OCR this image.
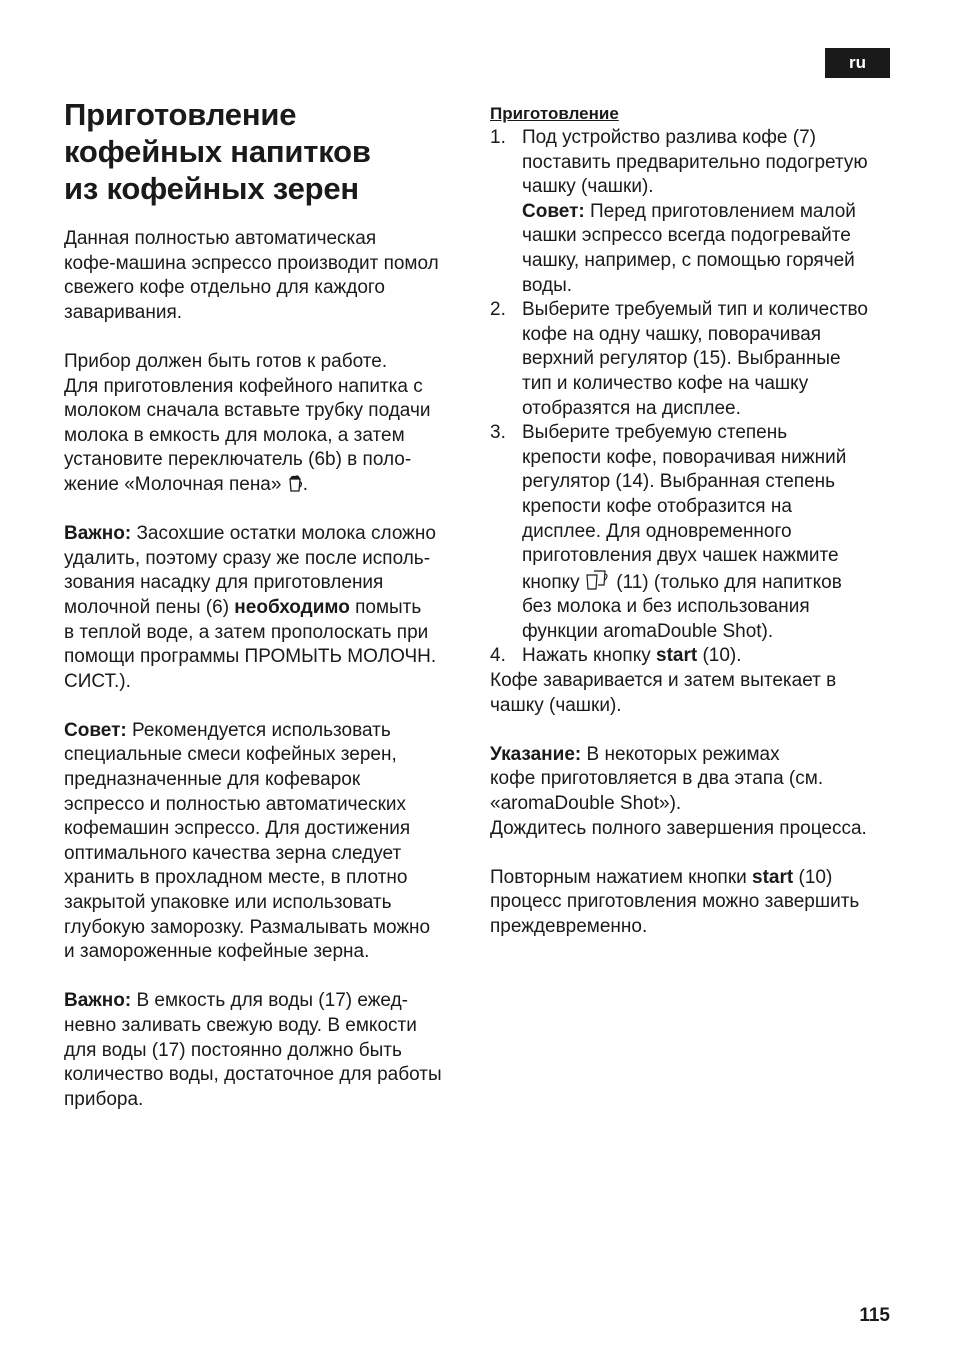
ru
Приготовление
кофейных напитков
из кофейных зерен

Данная полностью автоматическая
кофе-машина эспрессо производит помол
свежего кофе отдельно для каждого
заваривания.

Прибор должен быть готов к работе.
Для приготовления кофейного напитка с
молоком сначала вставьте трубку подачи
молока в емкость для молока, а затем
установите переключатель (6b) в поло-
жение «Молочная пена» .

Важно: Засохшие остатки молока сложно
удалить, поэтому сразу же после исполь-
зования насадку для приготовления
молочной пены (6) необходимо помыть
в теплой воде, а затем прополоскать при
помощи программы ПРОМЫТЬ МОЛОЧН.
СИСТ.).

Совет: Рекомендуется использовать
специальные смеси кофейных зерен,
предназначенные для кофеварок
эспрессо и полностью автоматических
кофемашин эспрессо. Для достижения
оптимального качества зерна следует
хранить в прохладном месте, в плотно
закрытой упаковке или использовать
глубокую заморозку. Размалывать можно
и замороженные кофейные зерна.

Важно: В емкость для воды (17) ежед-
невно заливать свежую воду. В емкости
для воды (17) постоянно должно быть
количество воды, достаточное для работы
прибора.

Приготовление
1. Под устройство разлива кофе (7)
поставить предварительно подогретую
чашку (чашки).
Совет: Перед приготовлением малой
чашки эспрессо всегда подогревайте
чашку, например, с помощью горячей
воды.
2. Выберите требуемый тип и количество
кофе на одну чашку, поворачивая
верхний регулятор (15). Выбранные
тип и количество кофе на чашку
отобразятся на дисплее.
3. Выберите требуемую степень
крепости кофе, поворачивая нижний
регулятор (14). Выбранная степень
крепости кофе отобразится на
дисплее. Для одновременного
приготовления двух чашек нажмите
кнопку  (11) (только для напитков
без молока и без использования
функции aromaDouble Shot).
4. Нажать кнопку start (10).

Кофе заваривается и затем вытекает в
чашку (чашки).

Указание: В некоторых режимах
кофе приготовляется в два этапа (см.
«aromaDouble Shot»).
Дождитесь полного завершения процесса.

Повторным нажатием кнопки start (10)
процесс приготовления можно завершить
преждевременно.

115
